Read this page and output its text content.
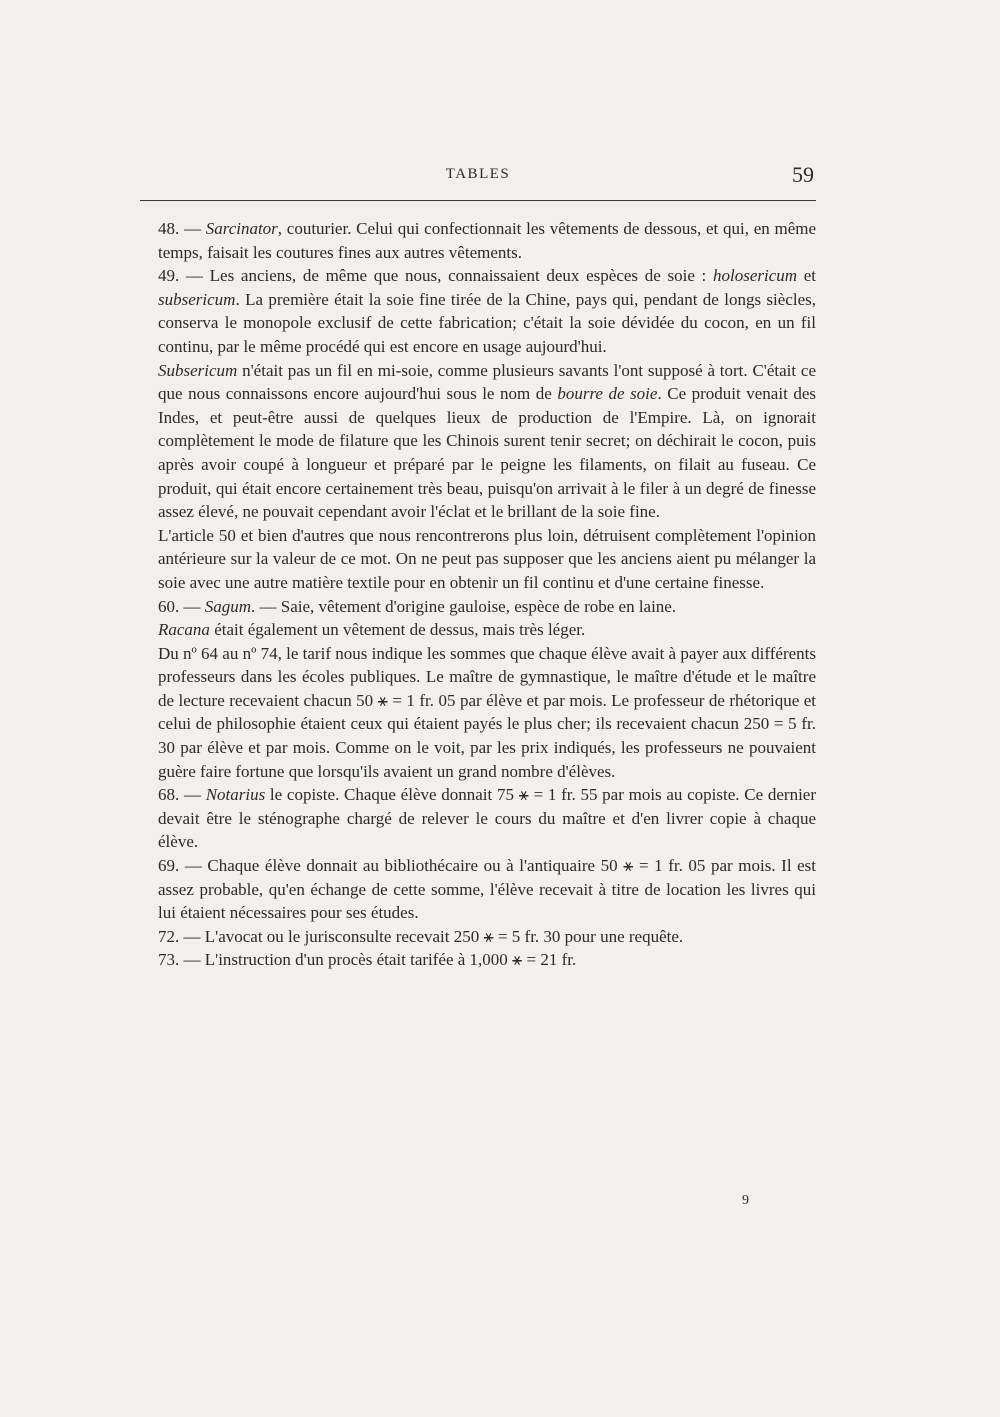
TABLES	59

48. — Sarcinator, couturier. Celui qui confectionnait les vêtements de dessous, et qui, en même temps, faisait les coutures fines aux autres vêtements.

49. — Les anciens, de même que nous, connaissaient deux espèces de soie : holosericum et subsericum. La première était la soie fine tirée de la Chine, pays qui, pendant de longs siècles, conserva le monopole exclusif de cette fabrication; c'était la soie dévidée du cocon, en un fil continu, par le même procédé qui est encore en usage aujourd'hui.

Subsericum n'était pas un fil en mi-soie, comme plusieurs savants l'ont supposé à tort. C'était ce que nous connaissons encore aujourd'hui sous le nom de bourre de soie. Ce produit venait des Indes, et peut-être aussi de quelques lieux de production de l'Empire. Là, on ignorait complètement le mode de filature que les Chinois surent tenir secret; on déchirait le cocon, puis après avoir coupé à longueur et préparé par le peigne les filaments, on filait au fuseau. Ce produit, qui était encore certainement très beau, puisqu'on arrivait à le filer à un degré de finesse assez élevé, ne pouvait cependant avoir l'éclat et le brillant de la soie fine.

L'article 50 et bien d'autres que nous rencontrerons plus loin, détruisent complètement l'opinion antérieure sur la valeur de ce mot. On ne peut pas supposer que les anciens aient pu mélanger la soie avec une autre matière textile pour en obtenir un fil continu et d'une certaine finesse.

60. — Sagum. — Saie, vêtement d'origine gauloise, espèce de robe en laine.

Racana était également un vêtement de dessus, mais très léger.

Du nº 64 au nº 74, le tarif nous indique les sommes que chaque élève avait à payer aux différents professeurs dans les écoles publiques. Le maître de gymnastique, le maître d'étude et le maître de lecture recevaient chacun 50 ⚹ = 1 fr. 05 par élève et par mois. Le professeur de rhétorique et celui de philosophie étaient ceux qui étaient payés le plus cher; ils recevaient chacun 250 = 5 fr. 30 par élève et par mois. Comme on le voit, par les prix indiqués, les professeurs ne pouvaient guère faire fortune que lorsqu'ils avaient un grand nombre d'élèves.

68. — Notarius le copiste. Chaque élève donnait 75 ⚹ = 1 fr. 55 par mois au copiste. Ce dernier devait être le sténographe chargé de relever le cours du maître et d'en livrer copie à chaque élève.

69. — Chaque élève donnait au bibliothécaire ou à l'antiquaire 50 ⚹ = 1 fr. 05 par mois. Il est assez probable, qu'en échange de cette somme, l'élève recevait à titre de location les livres qui lui étaient nécessaires pour ses études.

72. — L'avocat ou le jurisconsulte recevait 250 ⚹ = 5 fr. 30 pour une requête.

73. — L'instruction d'un procès était tarifée à 1,000 ⚹ = 21 fr.

9
